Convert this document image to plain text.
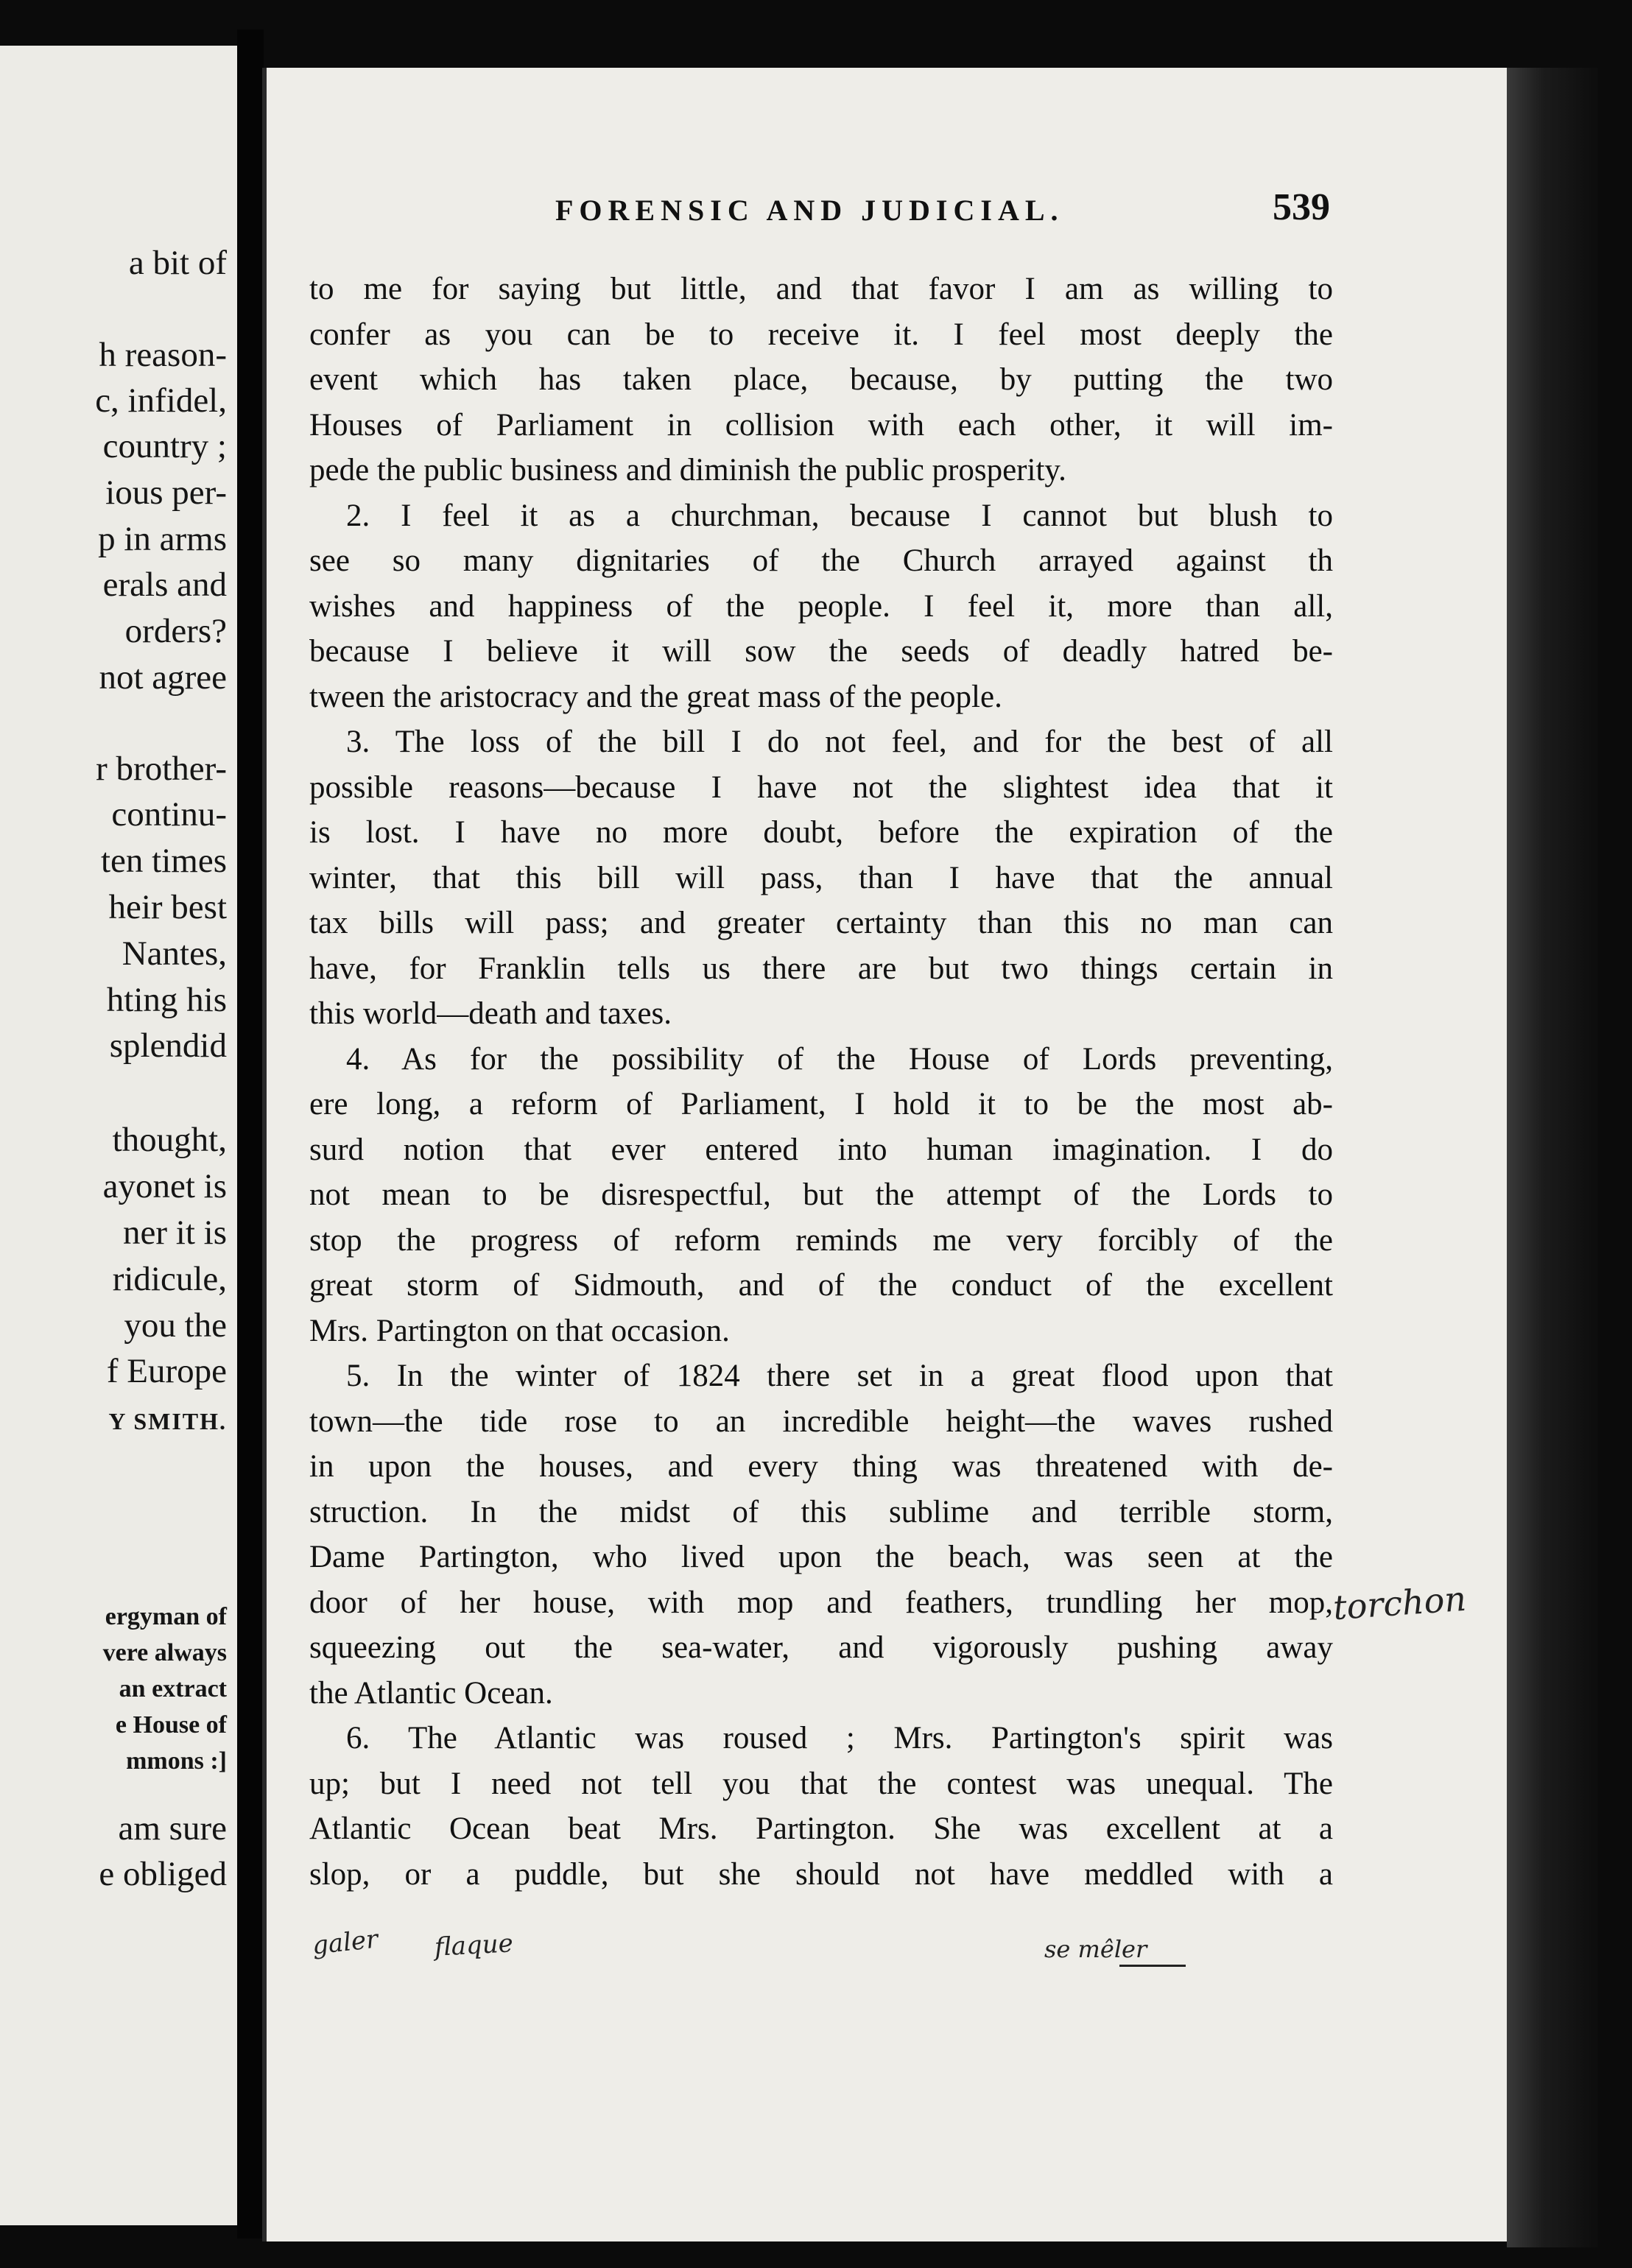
a bit of
h reason-
c, infidel,
country ;
ious per-
p in arms
erals and
orders?
not agree
r brother-
continu-
ten times
heir best
Nantes,
hting his
splendid
thought,
ayonet is
ner it is
ridicule,
you the
f Europe
Y SMITH.
ergyman of
vere always
an extract
e House of
mmons :]
am sure
e obliged
FORENSIC AND JUDICIAL.	539
to me for saying but little, and that favor I am as willing to
confer as you can be to receive it. I feel most deeply the
event which has taken place, because, by putting the two
Houses of Parliament in collision with each other, it will im-
pede the public business and diminish the public prosperity.
2. I feel it as a churchman, because I cannot but blush to
see so many dignitaries of the Church arrayed against th
wishes and happiness of the people. I feel it, more than all,
because I believe it will sow the seeds of deadly hatred be-
tween the aristocracy and the great mass of the people.
3. The loss of the bill I do not feel, and for the best of all
possible reasons—because I have not the slightest idea that it
is lost. I have no more doubt, before the expiration of the
winter, that this bill will pass, than I have that the annual
tax bills will pass; and greater certainty than this no man can
have, for Franklin tells us there are but two things certain in
this world—death and taxes.
4. As for the possibility of the House of Lords preventing,
ere long, a reform of Parliament, I hold it to be the most ab-
surd notion that ever entered into human imagination. I do
not mean to be disrespectful, but the attempt of the Lords to
stop the progress of reform reminds me very forcibly of the
great storm of Sidmouth, and of the conduct of the excellent
Mrs. Partington on that occasion.
5. In the winter of 1824 there set in a great flood upon that
town—the tide rose to an incredible height—the waves rushed
in upon the houses, and every thing was threatened with de-
struction. In the midst of this sublime and terrible storm,
Dame Partington, who lived upon the beach, was seen at the
door of her house, with mop and feathers, trundling her mop,
squeezing out the sea-water, and vigorously pushing away
the Atlantic Ocean.
6. The Atlantic was roused ; Mrs. Partington's spirit was
up; but I need not tell you that the contest was unequal. The
Atlantic Ocean beat Mrs. Partington. She was excellent at a
slop, or a puddle, but she should not have meddled with a
torchon
galer flaque	se mêler
